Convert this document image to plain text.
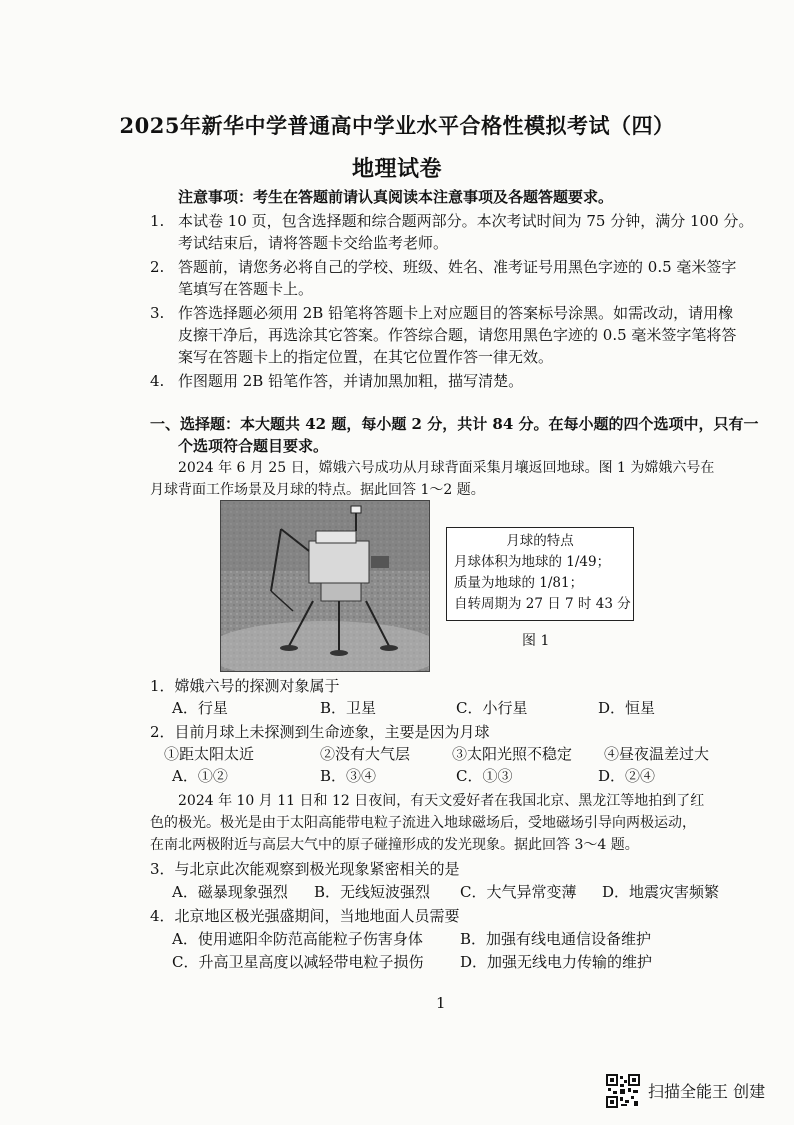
2025年新华中学普通高中学业水平合格性模拟考试（四）
地理试卷
注意事项：考生在答题前请认真阅读本注意事项及各题答题要求。
1. 本试卷 10 页，包含选择题和综合题两部分。本次考试时间为 75 分钟，满分 100 分。
考试结束后，请将答题卡交给监考老师。
2. 答题前，请您务必将自己的学校、班级、姓名、准考证号用黑色字迹的 0.5 毫米签字
笔填写在答题卡上。
3. 作答选择题必须用 2B 铅笔将答题卡上对应题目的答案标号涂黑。如需改动，请用橡
皮擦干净后，再选涂其它答案。作答综合题，请您用黑色字迹的 0.5 毫米签字笔将答
案写在答题卡上的指定位置，在其它位置作答一律无效。
4. 作图题用 2B 铅笔作答，并请加黑加粗，描写清楚。
一、选择题：本大题共 42 题，每小题 2 分，共计 84 分。在每小题的四个选项中，只有一
个选项符合题目要求。
2024 年 6 月 25 日，嫦娥六号成功从月球背面采集月壤返回地球。图 1 为嫦娥六号在
月球背面工作场景及月球的特点。据此回答 1～2 题。
月球的特点
月球体积为地球的 1/49；
质量为地球的 1/81；
自转周期为 27 日 7 时 43 分
图 1
1．嫦娥六号的探测对象属于
A．行星	B．卫星	C．小行星	D．恒星
2．目前月球上未探测到生命迹象，主要是因为月球
①距太阳太近	②没有大气层	③太阳光照不稳定 ④昼夜温差过大
A．①②	B．③④	C．①③	D．②④
2024 年 10 月 11 日和 12 日夜间，有天文爱好者在我国北京、黑龙江等地拍到了红
色的极光。极光是由于太阳高能带电粒子流进入地球磁场后，受地磁场引导向两极运动，
在南北两极附近与高层大气中的原子碰撞形成的发光现象。据此回答 3～4 题。
3．与北京此次能观察到极光现象紧密相关的是
A．磁暴现象强烈 B．无线短波强烈 C．大气异常变薄 D．地震灾害频繁
4．北京地区极光强盛期间，当地地面人员需要
A．使用遮阳伞防范高能粒子伤害身体 B．加强有线电通信设备维护
C．升高卫星高度以减轻带电粒子损伤 D．加强无线电力传输的维护
1
扫描全能王 创建
